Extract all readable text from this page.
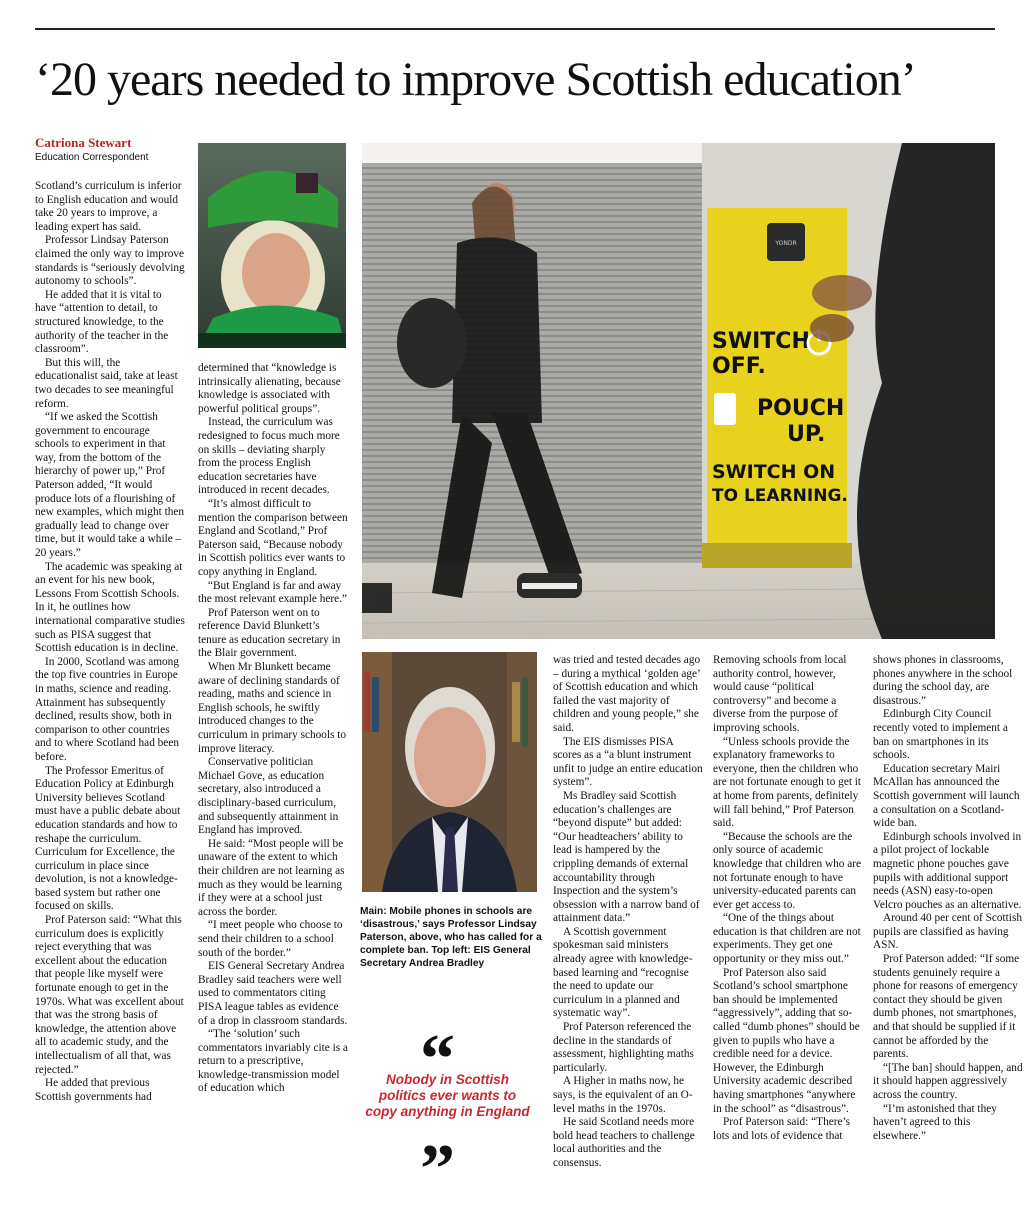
‘20 years needed to improve Scottish education’
Catriona Stewart
Education Correspondent

Scotland’s curriculum is inferior to English education and would take 20 years to improve, a leading expert has said.

Professor Lindsay Paterson claimed the only way to improve standards is “seriously devolving autonomy to schools”.

He added that it is vital to have “attention to detail, to structured knowledge, to the authority of the teacher in the classroom”.

But this will, the educationalist said, take at least two decades to see meaningful reform.

“If we asked the Scottish government to encourage schools to experiment in that way, from the bottom of the hierarchy of power up,” Prof Paterson added, “It would produce lots of a flourishing of new examples, which might then gradually lead to change over time, but it would take a while – 20 years.”

The academic was speaking at an event for his new book, Lessons From Scottish Schools. In it, he outlines how international comparative studies such as PISA suggest that Scottish education is in decline.

In 2000, Scotland was among the top five countries in Europe in maths, science and reading. Attainment has subsequently declined, results show, both in comparison to other countries and to where Scotland had been before.

The Professor Emeritus of Education Policy at Edinburgh University believes Scotland must have a public debate about education standards and how to reshape the curriculum. Curriculum for Excellence, the curriculum in place since devolution, is not a knowledge-based system but rather one focused on skills.

Prof Paterson said: “What this curriculum does is explicitly reject everything that was excellent about the education that people like myself were fortunate enough to get in the 1970s. What was excellent about that was the strong basis of knowledge, the attention above all to academic study, and the intellectualism of all that, was rejected.”

He added that previous Scottish governments had

YONDR
SWITCH
OFF.
POUCH
UP.
SWITCH ON
TO LEARNING.

determined that “knowledge is intrinsically alienating, because knowledge is associated with powerful political groups”.

Instead, the curriculum was redesigned to focus much more on skills – deviating sharply from the process English education secretaries have introduced in recent decades.

“It’s almost difficult to mention the comparison between England and Scotland,” Prof Paterson said, “Because nobody in Scottish politics ever wants to copy anything in England.

“But England is far and away the most relevant example here.”

Prof Paterson went on to reference David Blunkett’s tenure as education secretary in the Blair government.

When Mr Blunkett became aware of declining standards of reading, maths and science in English schools, he swiftly introduced changes to the curriculum in primary schools to improve literacy.

Conservative politician Michael Gove, as education secretary, also introduced a disciplinary-based curriculum, and subsequently attainment in England has improved.

He said: “Most people will be unaware of the extent to which their children are not learning as much as they would be learning if they were at a school just across the border.

“I meet people who choose to send their children to a school south of the border.”

EIS General Secretary Andrea Bradley said teachers were well used to commentators citing PISA league tables as evidence of a drop in classroom standards.

“The ‘solution’ such commentators invariably cite is a return to a prescriptive, knowledge-transmission model of education which

Main: Mobile phones in schools are ‘disastrous,’ says Professor Lindsay Paterson, above, who has called for a complete ban. Top left: EIS General Secretary Andrea Bradley
“
Nobody in Scottish politics ever wants to copy anything in England
”

was tried and tested decades ago – during a mythical ‘golden age’ of Scottish education and which failed the vast majority of children and young people,” she said.

The EIS dismisses PISA scores as a “a blunt instrument unfit to judge an entire education system”.

Ms Bradley said Scottish education’s challenges are “beyond dispute” but added: “Our headteachers’ ability to lead is hampered by the crippling demands of external accountability through Inspection and the system’s obsession with a narrow band of attainment data.”

A Scottish government spokesman said ministers already agree with knowledge-based learning and “recognise the need to update our curriculum in a planned and systematic way”.

Prof Paterson referenced the decline in the standards of assessment, highlighting maths particularly.

A Higher in maths now, he says, is the equivalent of an O-level maths in the 1970s.

He said Scotland needs more bold head teachers to challenge local authorities and the consensus.

Removing schools from local authority control, however, would cause “political controversy” and become a diverse from the purpose of improving schools.

“Unless schools provide the explanatory frameworks to everyone, then the children who are not fortunate enough to get it at home from parents, definitely will fall behind,” Prof Paterson said.

“Because the schools are the only source of academic knowledge that children who are not fortunate enough to have university-educated parents can ever get access to.

“One of the things about education is that children are not experiments. They get one opportunity or they miss out.”

Prof Paterson also said Scotland’s school smartphone ban should be implemented “aggressively”, adding that so-called “dumb phones” should be given to pupils who have a credible need for a device. However, the Edinburgh University academic described having smartphones “anywhere in the school” as “disastrous”.

Prof Paterson said: “There’s lots and lots of evidence that

shows phones in classrooms, phones anywhere in the school during the school day, are disastrous.”

Edinburgh City Council recently voted to implement a ban on smartphones in its schools.

Education secretary Mairi McAllan has announced the Scottish government will launch a consultation on a Scotland-wide ban.

Edinburgh schools involved in a pilot project of lockable magnetic phone pouches gave pupils with additional support needs (ASN) easy-to-open Velcro pouches as an alternative.

Around 40 per cent of Scottish pupils are classified as having ASN.

Prof Paterson added: “If some students genuinely require a phone for reasons of emergency contact they should be given dumb phones, not smartphones, and that should be supplied if it cannot be afforded by the parents.

“[The ban] should happen, and it should happen aggressively across the country.

“I’m astonished that they haven’t agreed to this elsewhere.”
